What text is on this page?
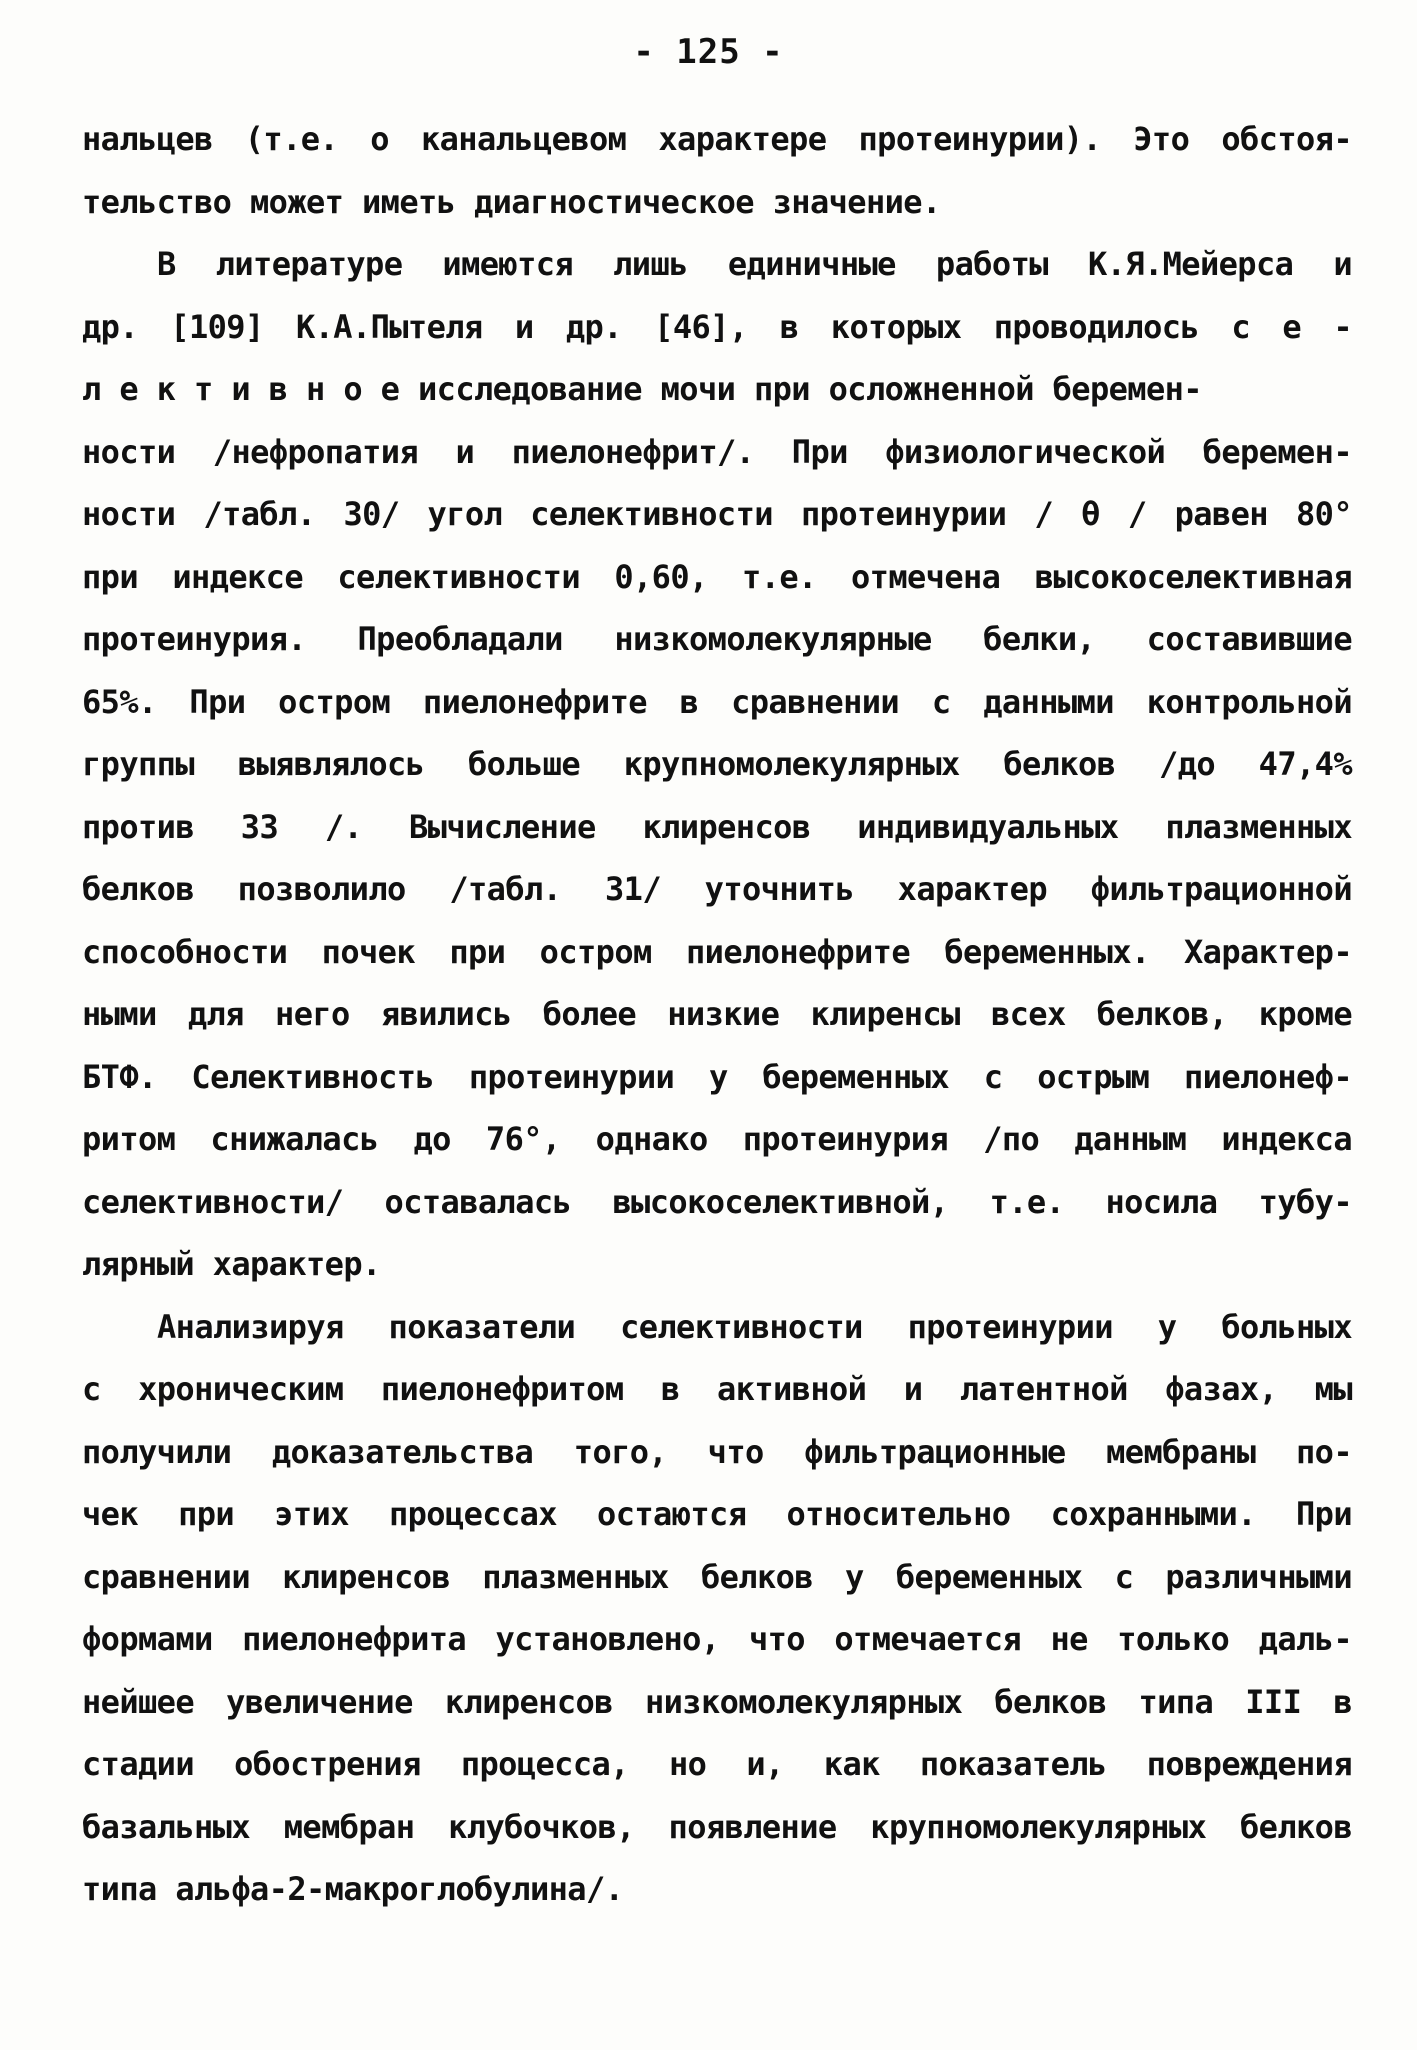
- 125 -
нальцев (т.е. о канальцевом характере протеинурии). Это обстоя-
тельство может иметь диагностическое значение.
В литературе имеются лишь единичные работы К.Я.Мейерса и
др. [109] К.А.Пытеля и др. [46], в которых проводилось с е -
л е к т и в н о е исследование мочи при осложненной беремен-
ности /нефропатия и пиелонефрит/. При физиологической беремен-
ности /табл. 30/ угол селективности протеинурии / θ / равен 80°
при индексе селективности 0,60, т.е. отмечена высокоселективная
протеинурия. Преобладали низкомолекулярные белки, составившие
65%. При остром пиелонефрите в сравнении с данными контрольной
группы выявлялось больше крупномолекулярных белков /до 47,4%
против 33 /. Вычисление клиренсов индивидуальных плазменных
белков позволило /табл. 31/ уточнить характер фильтрационной
способности почек при остром пиелонефрите беременных. Характер-
ными для него явились более низкие клиренсы всех белков, кроме
БТФ. Селективность протеинурии у беременных с острым пиелонеф-
ритом снижалась до 76°, однако протеинурия /по данным индекса
селективности/ оставалась высокоселективной, т.е. носила тубу-
лярный характер.
Анализируя показатели селективности протеинурии у больных
с хроническим пиелонефритом в активной и латентной фазах, мы
получили доказательства того, что фильтрационные мембраны по-
чек при этих процессах остаются относительно сохранными. При
сравнении клиренсов плазменных белков у беременных с различными
формами пиелонефрита установлено, что отмечается не только даль-
нейшее увеличение клиренсов низкомолекулярных белков типа III в
стадии обострения процесса, но и, как показатель повреждения
базальных мембран клубочков, появление крупномолекулярных белков
типа альфа-2-макроглобулина/.
